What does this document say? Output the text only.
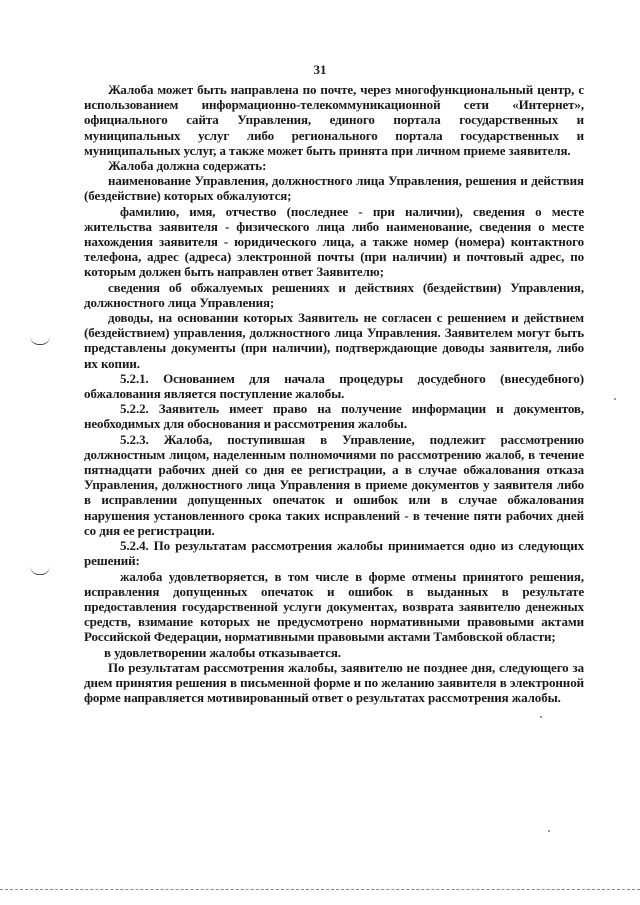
31

Жалоба может быть направлена по почте, через многофункциональный центр, с использованием информационно-телекоммуникационной сети «Интернет», официального сайта Управления, единого портала государственных и муниципальных услуг либо регионального портала государственных и муниципальных услуг, а также может быть принята при личном приеме заявителя.

Жалоба должна содержать:

наименование Управления, должностного лица Управления, решения и действия (бездействие) которых обжалуются;

фамилию, имя, отчество (последнее - при наличии), сведения о месте жительства заявителя - физического лица либо наименование, сведения о месте нахождения заявителя - юридического лица, а также номер (номера) контактного телефона, адрес (адреса) электронной почты (при наличии) и почтовый адрес, по которым должен быть направлен ответ Заявителю;

сведения об обжалуемых решениях и действиях (бездействии) Управления, должностного лица Управления;

доводы, на основании которых Заявитель не согласен с решением и действием (бездействием) управления, должностного лица Управления. Заявителем могут быть представлены документы (при наличии), подтверждающие доводы заявителя, либо их копии.

5.2.1. Основанием для начала процедуры досудебного (внесудебного) обжалования является поступление жалобы.

5.2.2. Заявитель имеет право на получение информации и документов, необходимых для обоснования и рассмотрения жалобы.

5.2.3. Жалоба, поступившая в Управление, подлежит рассмотрению должностным лицом, наделенным полномочиями по рассмотрению жалоб, в течение пятнадцати рабочих дней со дня ее регистрации, а в случае обжалования отказа Управления, должностного лица Управления в приеме документов у заявителя либо в исправлении допущенных опечаток и ошибок или в случае обжалования нарушения установленного срока таких исправлений - в течение пяти рабочих дней со дня ее регистрации.

5.2.4. По результатам рассмотрения жалобы принимается одно из следующих решений:

жалоба удовлетворяется, в том числе в форме отмены принятого решения, исправления допущенных опечаток и ошибок в выданных в результате предоставления государственной услуги документах, возврата заявителю денежных средств, взимание которых не предусмотрено нормативными правовыми актами Российской Федерации, нормативными правовыми актами Тамбовской области;

в удовлетворении жалобы отказывается.

По результатам рассмотрения жалобы, заявителю не позднее дня, следующего за днем принятия решения в письменной форме и по желанию заявителя в электронной форме направляется мотивированный ответ о результатах рассмотрения жалобы.
